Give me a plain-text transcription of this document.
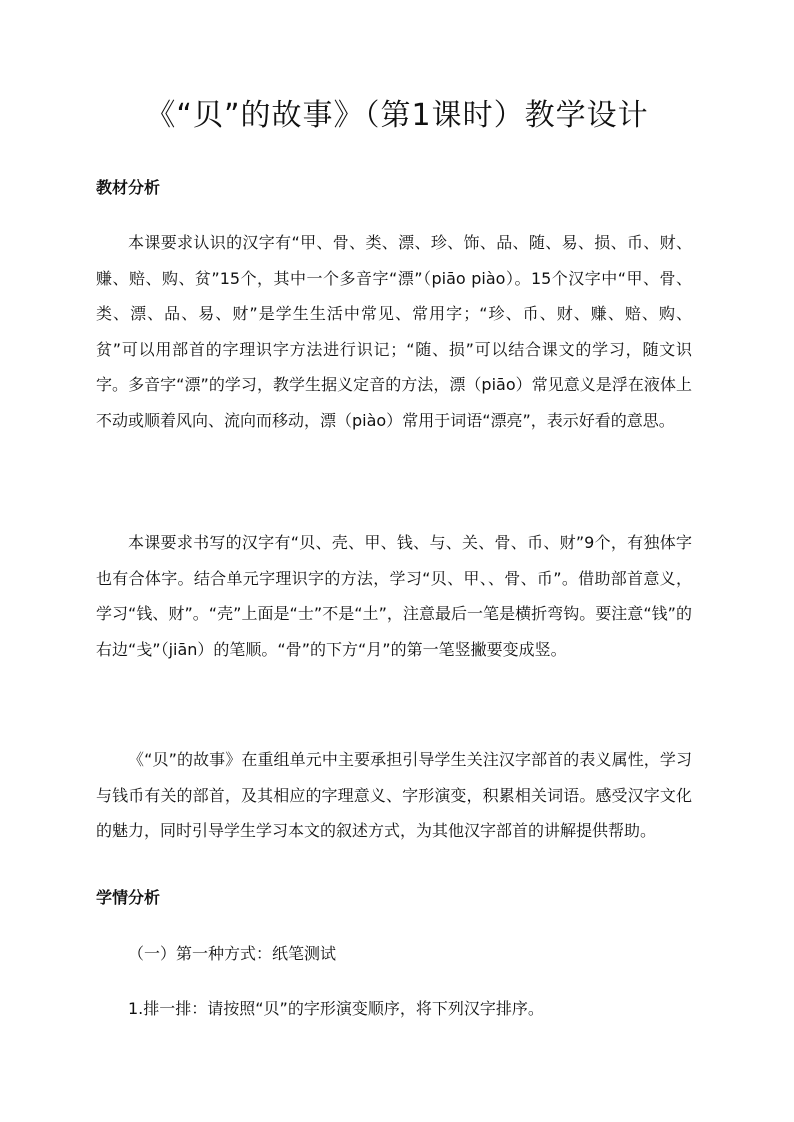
《“贝”的故事》（第1课时）教学设计
教材分析

本课要求认识的汉字有“甲、骨、类、漂、珍、饰、品、随、易、损、币、财、赚、赔、购、贫”15个，其中一个多音字“漂”（piāo piào）。15个汉字中“甲、骨、类、漂、品、易、财”是学生生活中常见、常用字；“珍、币、财、赚、赔、购、贫”可以用部首的字理识字方法进行识记；“随、损”可以结合课文的学习，随文识字。多音字“漂”的学习，教学生据义定音的方法，漂（piāo）常见意义是浮在液体上不动或顺着风向、流向而移动，漂（piào）常用于词语“漂亮”，表示好看的意思。

本课要求书写的汉字有“贝、壳、甲、钱、与、关、骨、币、财”9个，有独体字也有合体字。结合单元字理识字的方法，学习“贝、甲、、骨、币”。借助部首意义，学习“钱、财”。“壳”上面是“士”不是“土”，注意最后一笔是横折弯钩。要注意“钱”的右边“戋”（jiān）的笔顺。“骨”的下方“月”的第一笔竖撇要变成竖。

《“贝”的故事》在重组单元中主要承担引导学生关注汉字部首的表义属性，学习与钱币有关的部首，及其相应的字理意义、字形演变，积累相关词语。感受汉字文化的魅力，同时引导学生学习本文的叙述方式，为其他汉字部首的讲解提供帮助。

学情分析

（一）第一种方式：纸笔测试

1.排一排：请按照“贝”的字形演变顺序，将下列汉字排序。
